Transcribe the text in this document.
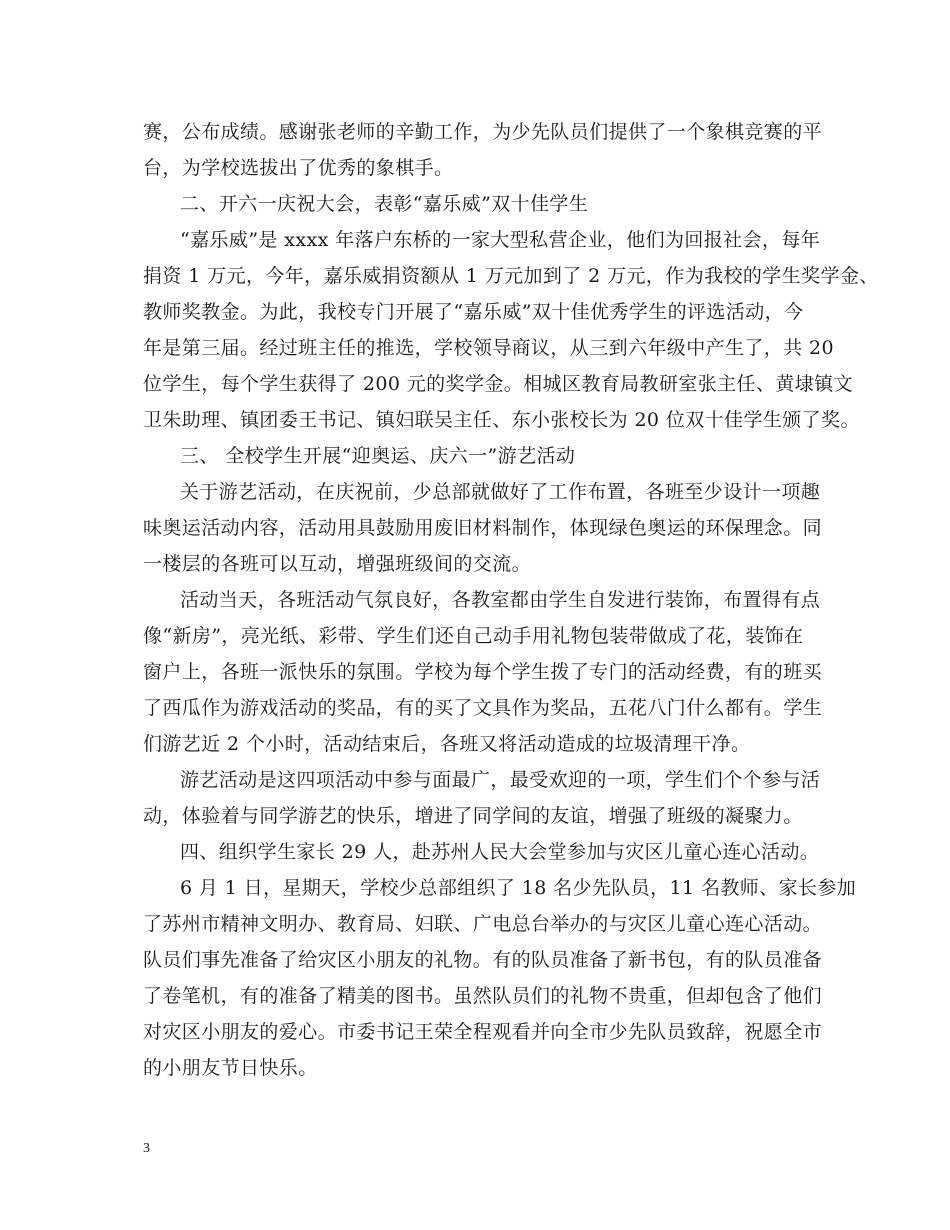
赛，公布成绩。感谢张老师的辛勤工作，为少先队员们提供了一个象棋竞赛的平
台，为学校选拔出了优秀的象棋手。
二、开六一庆祝大会，表彰“嘉乐威”双十佳学生
“嘉乐威”是 xxxx 年落户东桥的一家大型私营企业，他们为回报社会，每年
捐资 1 万元，今年，嘉乐威捐资额从 1 万元加到了 2 万元，作为我校的学生奖学金、
教师奖教金。为此，我校专门开展了“嘉乐威”双十佳优秀学生的评选活动，今
年是第三届。经过班主任的推选，学校领导商议，从三到六年级中产生了，共 20
位学生，每个学生获得了 200 元的奖学金。相城区教育局教研室张主任、黄埭镇文
卫朱助理、镇团委王书记、镇妇联吴主任、东小张校长为 20 位双十佳学生颁了奖。
三、 全校学生开展“迎奥运、庆六一”游艺活动
关于游艺活动，在庆祝前，少总部就做好了工作布置，各班至少设计一项趣
味奥运活动内容，活动用具鼓励用废旧材料制作，体现绿色奥运的环保理念。同
一楼层的各班可以互动，增强班级间的交流。
活动当天，各班活动气氛良好，各教室都由学生自发进行装饰，布置得有点
像“新房”，亮光纸、彩带、学生们还自己动手用礼物包装带做成了花，装饰在
窗户上，各班一派快乐的氛围。学校为每个学生拨了专门的活动经费，有的班买
了西瓜作为游戏活动的奖品，有的买了文具作为奖品，五花八门什么都有。学生
们游艺近 2 个小时，活动结束后，各班又将活动造成的垃圾清理干净。
游艺活动是这四项活动中参与面最广，最受欢迎的一项，学生们个个参与活
动，体验着与同学游艺的快乐，增进了同学间的友谊，增强了班级的凝聚力。
四、组织学生家长 29 人，赴苏州人民大会堂参加与灾区儿童心连心活动。
6 月 1 日，星期天，学校少总部组织了 18 名少先队员，11 名教师、家长参加
了苏州市精神文明办、教育局、妇联、广电总台举办的与灾区儿童心连心活动。
队员们事先准备了给灾区小朋友的礼物。有的队员准备了新书包，有的队员准备
了卷笔机，有的准备了精美的图书。虽然队员们的礼物不贵重，但却包含了他们
对灾区小朋友的爱心。市委书记王荣全程观看并向全市少先队员致辞，祝愿全市
的小朋友节日快乐。
3
